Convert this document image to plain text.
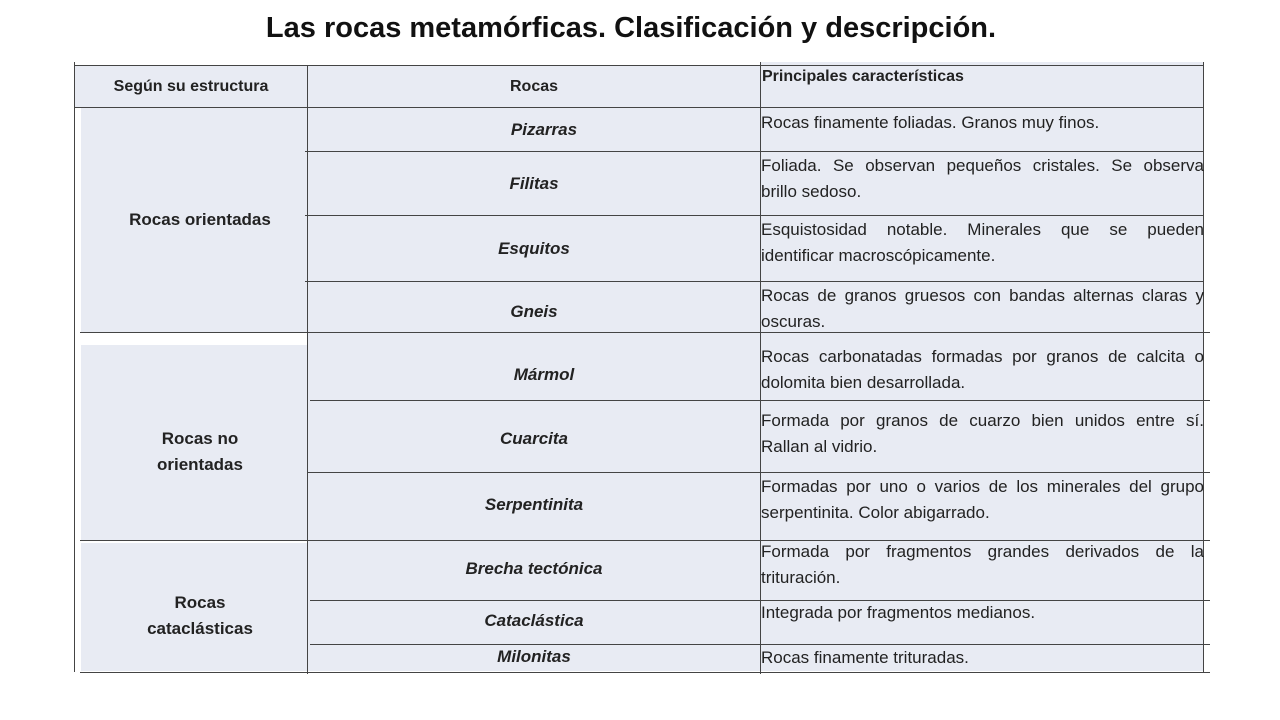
Las rocas metamórficas. Clasificación y descripción.
Según su estructura	Rocas
Principales características
Rocas orientadas
Rocas no orientadas
Rocas cataclásticas
Pizarras
Filitas
Esquitos
Gneis
Mármol
Cuarcita
Serpentinita
Brecha tectónica
Cataclástica
Milonitas
Rocas finamente foliadas. Granos muy finos.
Foliada. Se observan pequeños cristales. Se observa brillo sedoso.
Esquistosidad notable. Minerales que se pueden identificar macroscópicamente.
Rocas de granos gruesos con bandas alternas claras y oscuras.
Rocas carbonatadas formadas por granos de calcita o dolomita bien desarrollada.
Formada por granos de cuarzo bien unidos entre sí. Rallan al vidrio.
Formadas por uno o varios de los minerales del grupo serpentinita. Color abigarrado.
Formada por fragmentos grandes derivados de la trituración.
Integrada por fragmentos medianos.
Rocas finamente trituradas.
